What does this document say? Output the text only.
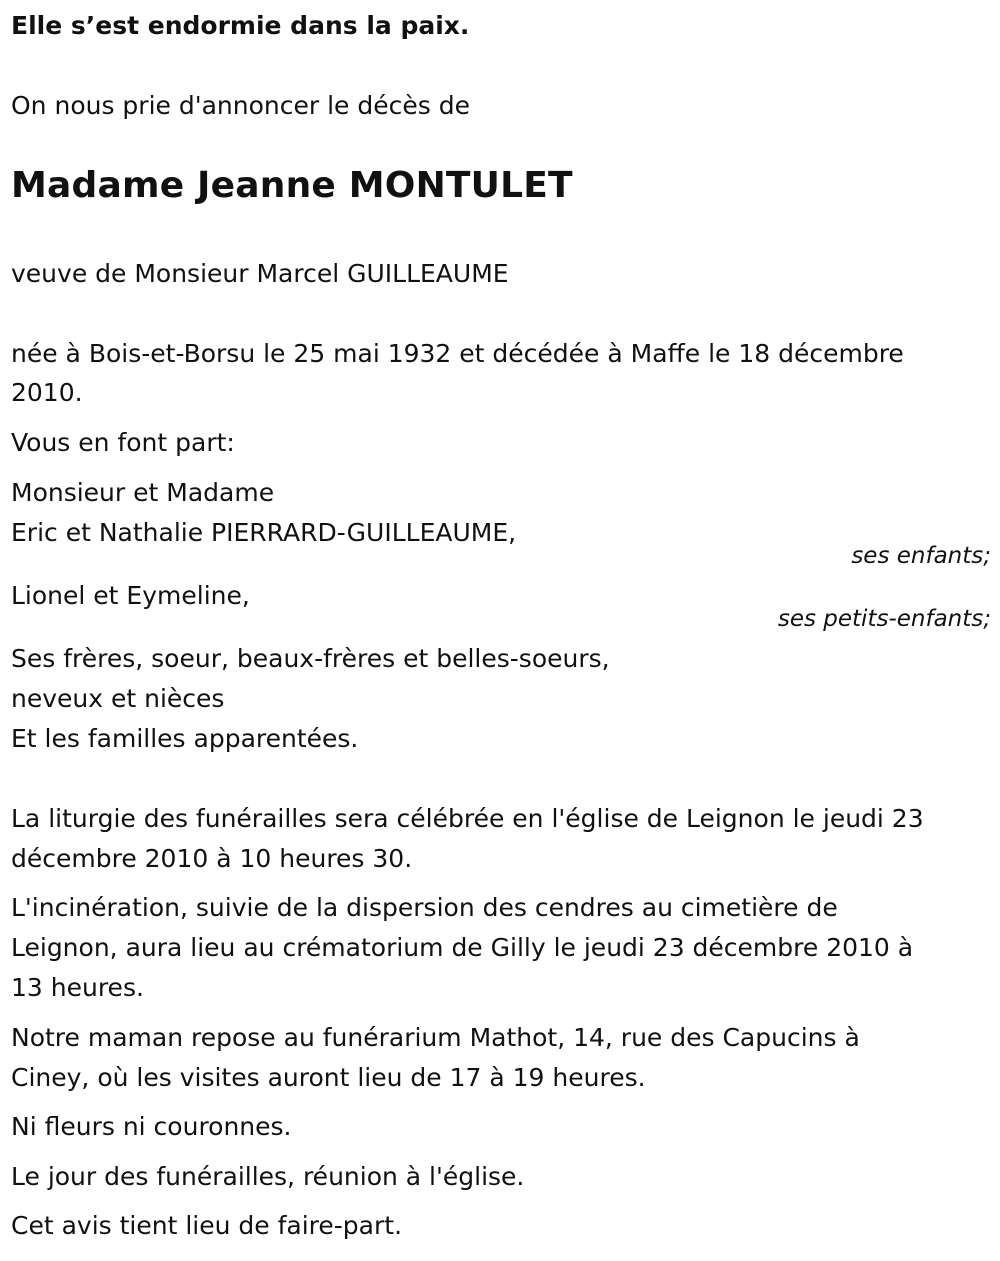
Elle s’est endormie dans la paix.
On nous prie d'annoncer le décès de
Madame Jeanne MONTULET
veuve de Monsieur Marcel GUILLEAUME
née à Bois-et-Borsu le 25 mai 1932 et décédée à Maffe le 18 décembre
2010.
Vous en font part:
Monsieur et Madame
Eric et Nathalie PIERRARD-GUILLEAUME,
ses enfants;
Lionel et Eymeline,
ses petits-enfants;
Ses frères, soeur, beaux-frères et belles-soeurs,
neveux et nièces
Et les familles apparentées.
La liturgie des funérailles sera célébrée en l'église de Leignon le jeudi 23
décembre 2010 à 10 heures 30.
L'incinération, suivie de la dispersion des cendres au cimetière de
Leignon, aura lieu au crématorium de Gilly le jeudi 23 décembre 2010 à
13 heures.
Notre maman repose au funérarium Mathot, 14, rue des Capucins à
Ciney, où les visites auront lieu de 17 à 19 heures.
Ni fleurs ni couronnes.
Le jour des funérailles, réunion à l'église.
Cet avis tient lieu de faire-part.
